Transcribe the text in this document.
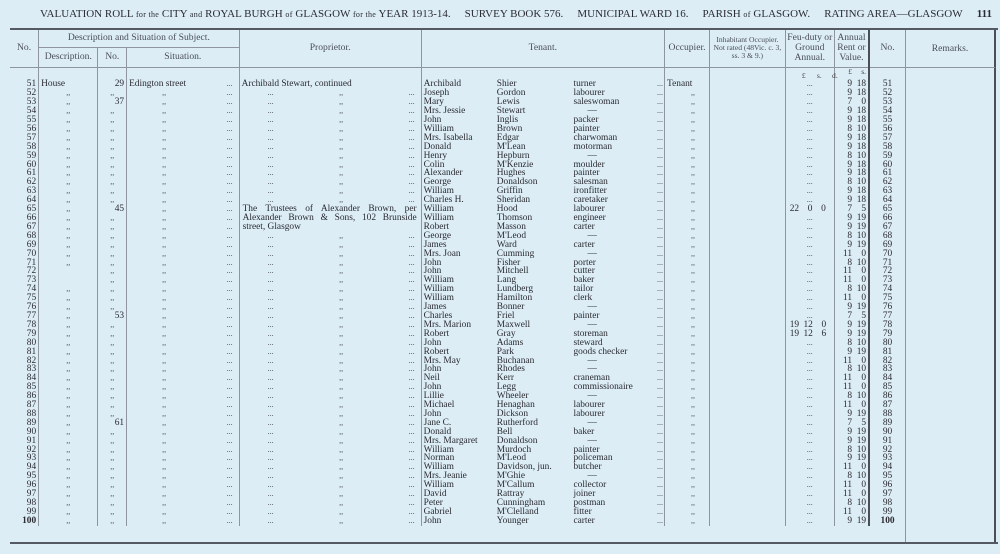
VALUATION ROLL for the CITY and ROYAL BURGH of GLASGOW for the YEAR 1913-14. SURVEY BOOK 576. MUNICIPAL WARD 16. PARISH of GLASGOW. RATING AREA—GLASGOW 111
No.	Description and Situation of Subject.			Proprietor.	Tenant.				Occupier.	Inhabitant Occupier. Not rated (48Vic. c. 3, ss. 3 & 9.)	Feu-duty or Ground Annual.	Annual Rent or Value.	No.
	Description.	No.	Situation.										
											£ s. d.	£ s.	
51	House	29	Edington street ...	Archibald Stewart, continued	Archibald	Shier	turner	...	Tenant		...	9 18	51
52	,,	,,	,, ...	... ,, ...	Joseph	Gordon	labourer	...	,,		...	9 18	52
53	,,	37	,, ...	... ,, ...	Mary	Lewis	saleswoman	...	,,		...	7 0	53
54	,,	,,	,, ...	... ,, ...	Mrs. Jessie	Stewart	—	...	,,		...	9 18	54
55	,,	,,	,, ...	... ,, ...	John	Inglis	packer	...	,,		...	9 18	55
56	,,	,,	,, ...	... ,, ...	William	Brown	painter	...	,,		...	8 10	56
57	,,	,,	,, ...	... ,, ...	Mrs. Isabella	Edgar	charwoman	...	,,		...	9 18	57
58	,,	,,	,, ...	... ,, ...	Donald	M'Lean	motorman	...	,,		...	9 18	58
59	,,	,,	,, ...	... ,, ...	Henry	Hepburn	—	...	,,		...	8 10	59
60	,,	,,	,, ...	... ,, ...	Colin	M'Kenzie	moulder	...	,,		...	9 18	60
61	,,	,,	,, ...	... ,, ...	Alexander	Hughes	painter	...	,,		...	9 18	61
62	,,	,,	,, ...	... ,, ...	George	Donaldson	salesman	...	,,		...	8 10	62
63	,,	,,	,, ...	... ,, ...	William	Griffin	ironfitter	...	,,		...	9 18	63
64	,,	,,	,, ...	... ,, ...	Charles H.	Sheridan	caretaker	...	,,		...	9 18	64
65	,,	45	,, ...	The Trustees of Alexander Brown, per Alexander Brown & Sons, 102 Brunside street, Glasgow	William	Hood	labourer	...	,,		22  0  0	7 5	65
66	,,	,,	,, ...		William	Thomson	engineer	...	,,		...	9 19	66
67	,,	,,	,, ...		Robert	Masson	carter	...	,,		...	9 19	67
68	,,	,,	,, ...	... ,, ...	George	M'Leod	—	...	,,		...	8 10	68
69	,,	,,	,, ...	... ,, ...	James	Ward	carter	...	,,		...	9 19	69
70	,,	,,	,, ...	... ,, ...	Mrs. Joan	Cumming	—	...	,,		...	11 0	70
71	,,	,,	,, ...	... ,, ...	John	Fisher	porter	...	,,		...	8 10	71
72		,,	,, ...	... ,, ...	John	Mitchell	cutter	...	,,		...	11 0	72
73		,,	,, ...	... ,, ...	William	Lang	baker	...	,,		...	11 0	73
74	,,	,,	,, ...	... ,, ...	William	Lundberg	tailor	...	,,		...	8 10	74
75	,,	,,	,, ...	... ,, ...	William	Hamilton	clerk	...	,,		...	11 0	75
76	,,	,,	,, ...	... ,, ...	James	Bonner	—	...	,,		...	9 19	76
77	,,	53	,, ...	... ,, ...	Charles	Friel	painter	...	,,		...	7 5	77
78	,,	,,	,, ...	... ,, ...	Mrs. Marion	Maxwell	—	...	,,		19 12  0	9 19	78
79	,,	,,	,, ...	... ,, ...	Robert	Gray	storeman	...	,,		19 12  6	9 19	79
80	,,	,,	,, ...	... ,, ...	John	Adams	steward	...	,,		...	8 10	80
81	,,	,,	,, ...	... ,, ...	Robert	Park	goods checker	...	,,		...	9 19	81
82	,,	,,	,, ...	... ,, ...	Mrs. May	Buchanan	—	...	,,		...	11 0	82
83	,,	,,	,, ...	... ,, ...	John	Rhodes	—	...	,,		...	8 10	83
84	,,	,,	,, ...	... ,, ...	Neil	Kerr	craneman	...	,,		...	11 0	84
85	,,	,,	,, ...	... ,, ...	John	Legg	commissionaire	...	,,		...	11 0	85
86	,,	,,	,, ...	... ,, ...	Lillie	Wheeler	—	...	,,		...	8 10	86
87	,,	,,	,, ...	... ,, ...	Michael	Henaghan	labourer	...	,,		...	11 0	87
88	,,	,,	,, ...	... ,, ...	John	Dickson	labourer	...	,,		...	9 19	88
89	,,	61	,, ...	... ,, ...	Jane C.	Rutherford	—	...	,,		...	7 5	89
90	,,	,,	,, ...	... ,, ...	Donald	Bell	baker	...	,,		...	9 19	90
91	,,	,,	,, ...	... ,, ...	Mrs. Margaret	Donaldson	—	...	,,		...	9 19	91
92	,,	,,	,, ...	... ,, ...	William	Murdoch	painter	...	,,		...	8 10	92
93	,,	,,	,, ...	... ,, ...	Norman	M'Leod	policeman	...	,,		...	9 19	93
94	,,	,,	,, ...	... ,, ...	William	Davidson, jun.	butcher	...	,,		...	11 0	94
95	,,	,,	,, ...	... ,, ...	Mrs. Jeanie	M'Ghie	—	...	,,		...	8 10	95
96	,,	,,	,, ...	... ,, ...	William	M'Callum	collector	...	,,		...	11 0	96
97	,,	,,	,, ...	... ,, ...	David	Rattray	joiner	...	,,		...	11 0	97
98	,,	,,	,, ...	... ,, ...	Peter	Cunningham	postman	...	,,		...	8 10	98
99	,,	,,	,, ...	... ,, ...	Gabriel	M'Clelland	fitter	...	,,		...	11 0	99
100	,,	,,	,, ...	... ,, ...	John	Younger	carter	...	,,		...	9 19	100
Remarks.
